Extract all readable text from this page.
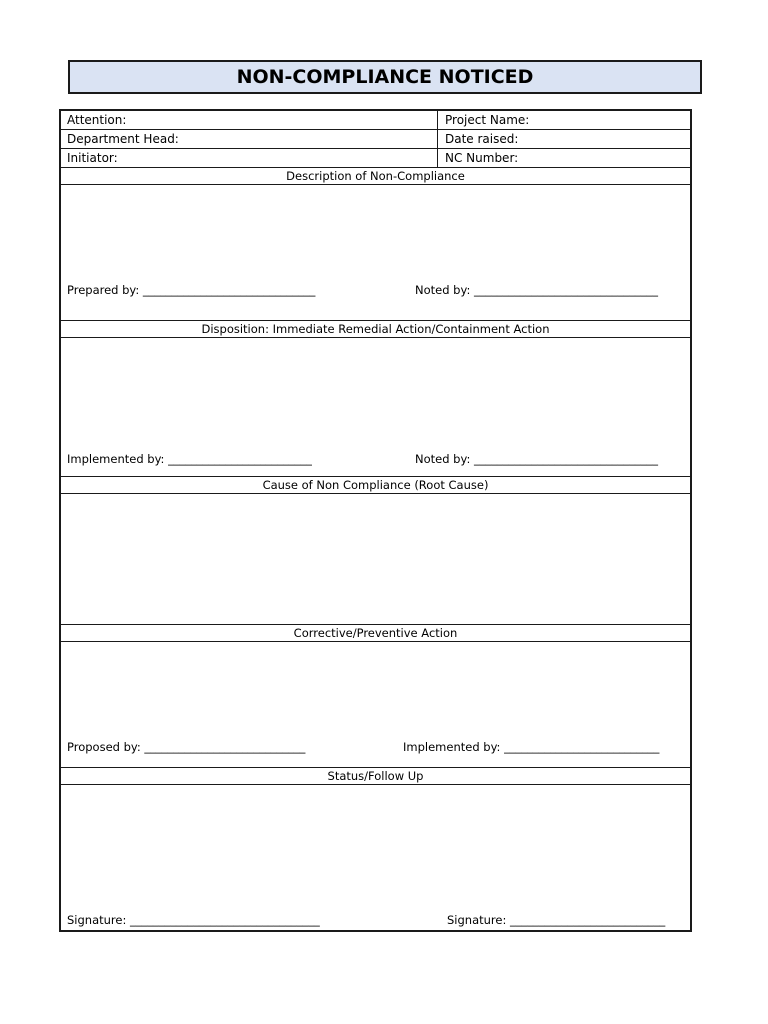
NON-COMPLIANCE NOTICED
Attention:	Project Name:
Department Head:	Date raised:
Initiator:	NC Number:
Description of Non-Compliance
Prepared by: ______________________________	Noted by: ________________________________
Disposition: Immediate Remedial Action/Containment Action
Implemented by: _________________________	Noted by: ________________________________
Cause of Non Compliance (Root Cause)
Corrective/Preventive Action
Proposed by: ____________________________	Implemented by: ___________________________
Status/Follow Up
Signature: _________________________________	Signature: ___________________________
